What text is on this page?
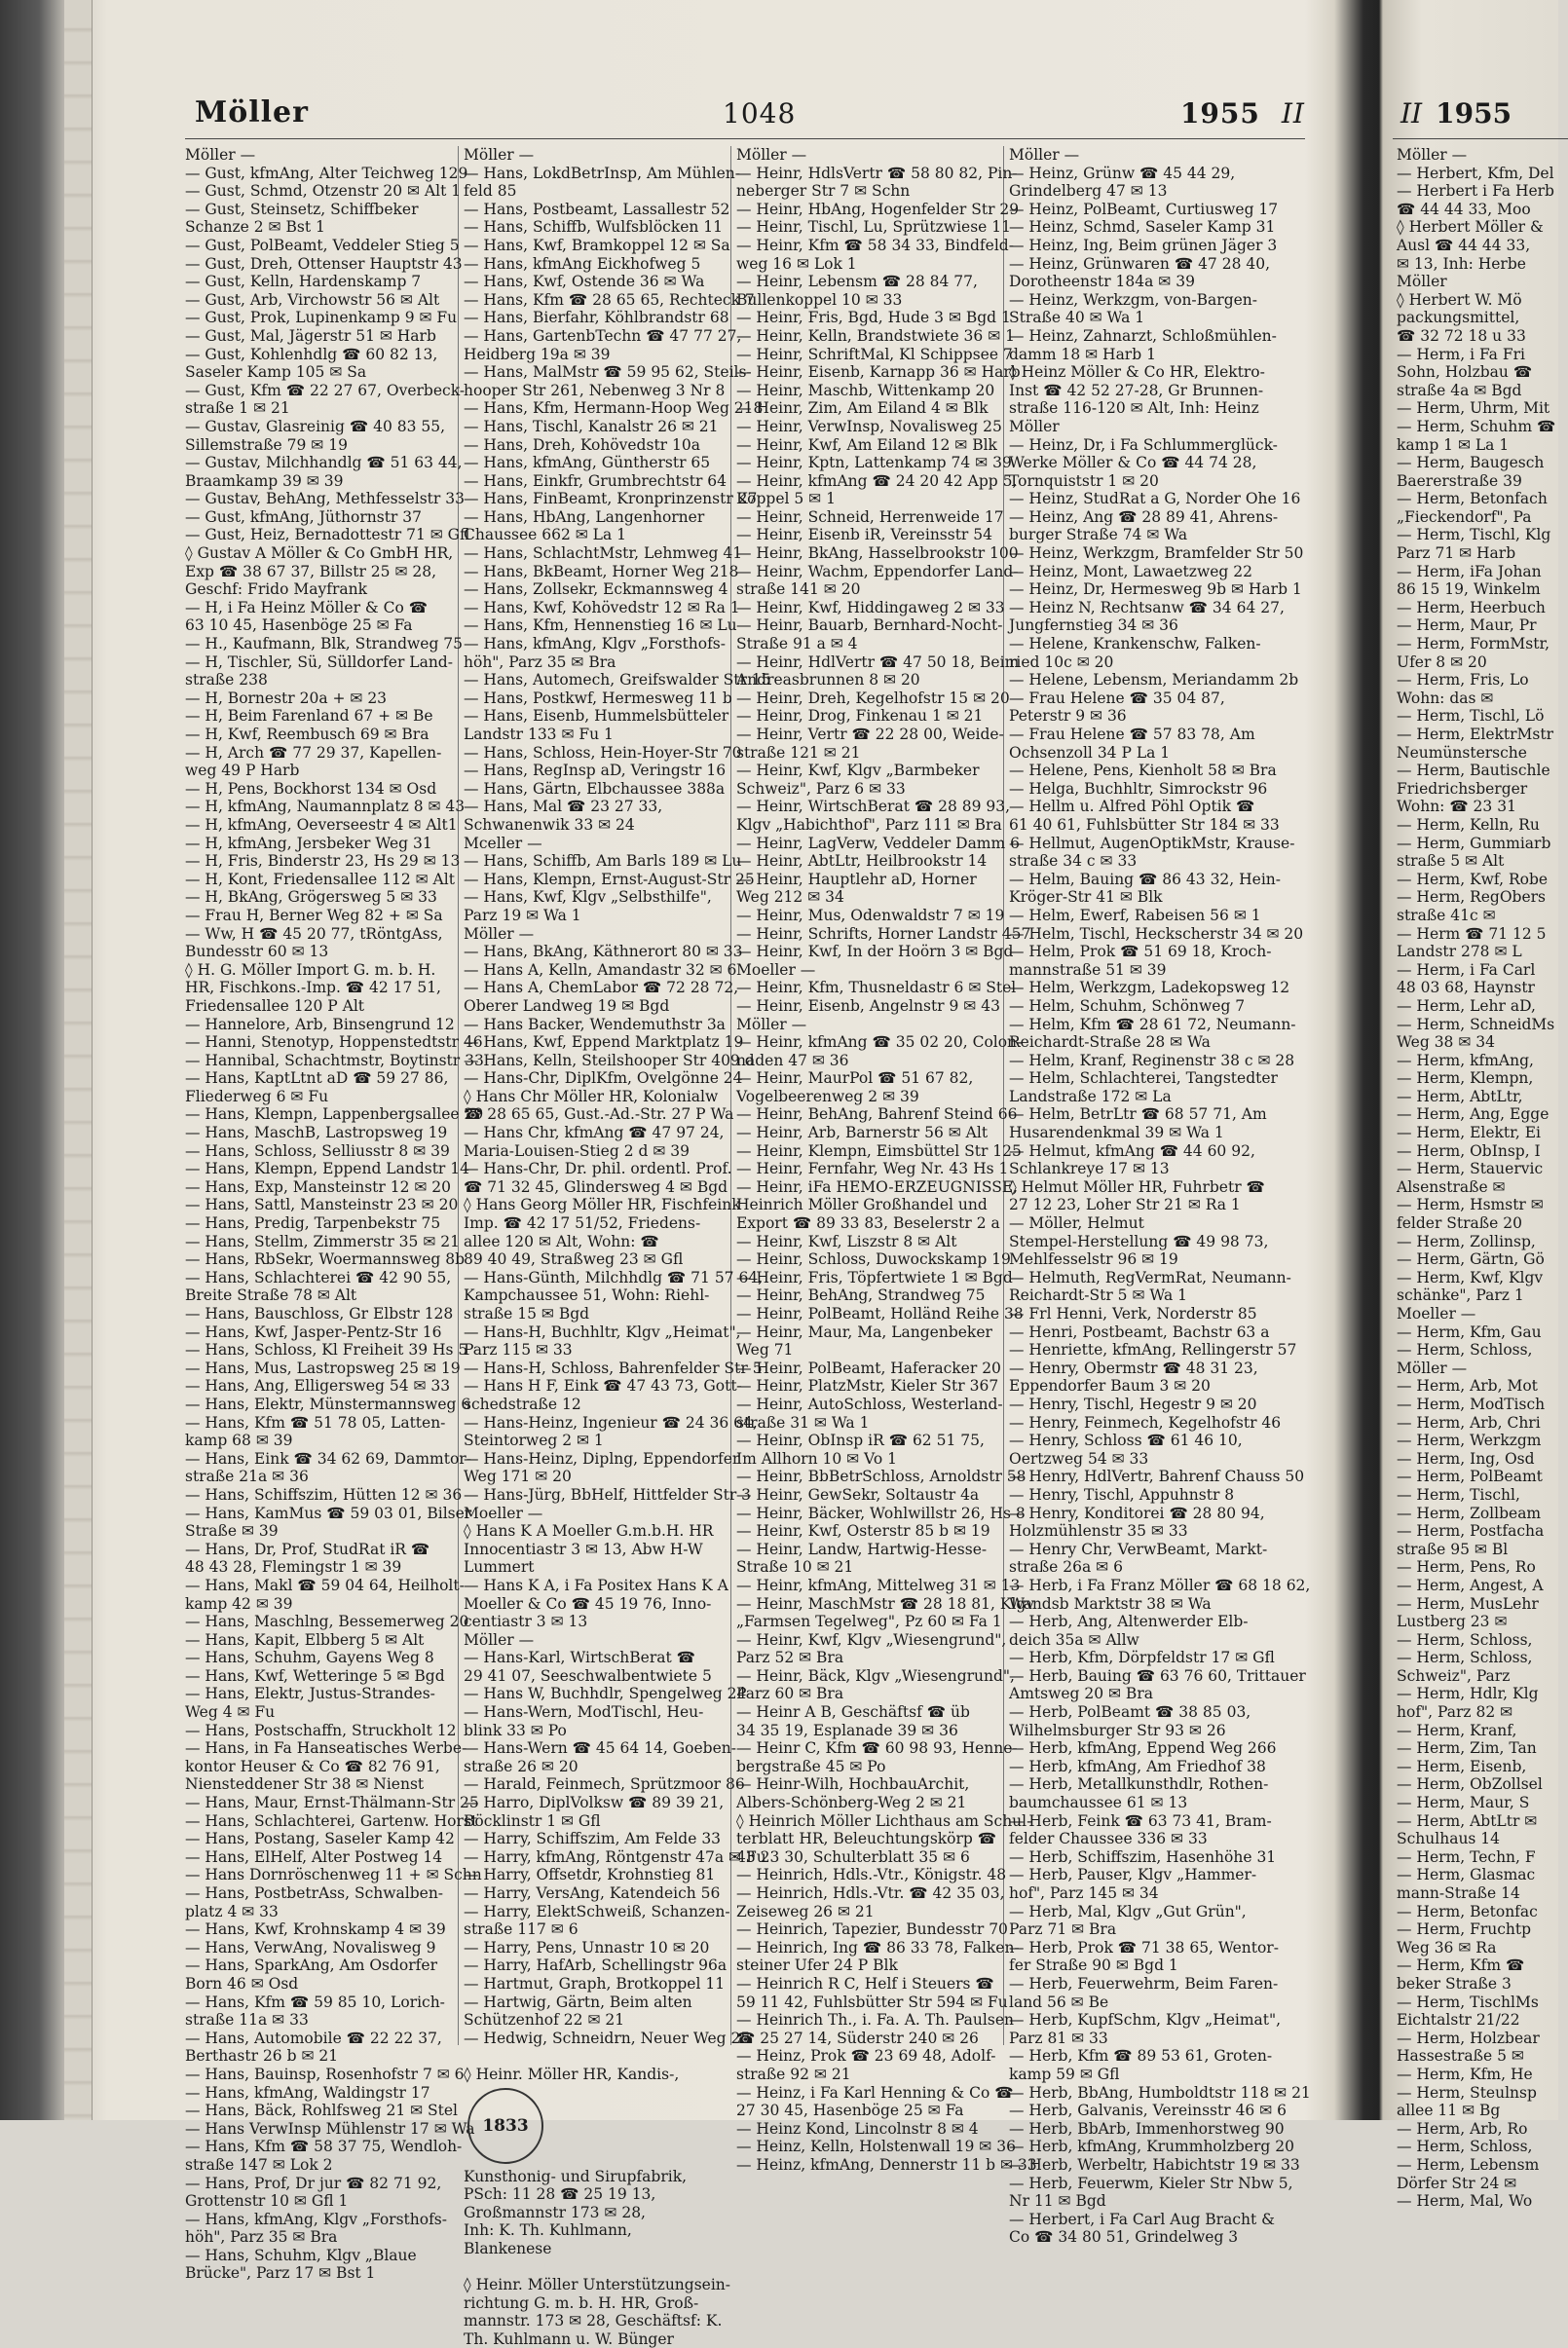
Möller	1048	1955 II
Möller —
— Gust, kfmAng, Alter Teichweg 129
— Gust, Schmd, Otzenstr 20 ✉ Alt 1
— Gust, Steinsetz, Schiffbeker
Schanze 2 ✉ Bst 1
— Gust, PolBeamt, Veddeler Stieg 5
— Gust, Dreh, Ottenser Hauptstr 43
— Gust, Kelln, Hardenskamp 7
— Gust, Arb, Virchowstr 56 ✉ Alt
— Gust, Prok, Lupinenkamp 9 ✉ Fu
— Gust, Mal, Jägerstr 51 ✉ Harb
— Gust, Kohlenhdlg ☎ 60 82 13,
Saseler Kamp 105 ✉ Sa
— Gust, Kfm ☎ 22 27 67, Overbeck-
straße 1 ✉ 21
— Gustav, Glasreinig ☎ 40 83 55,
Sillemstraße 79 ✉ 19
— Gustav, Milchhandlg ☎ 51 63 44,
Braamkamp 39 ✉ 39
— Gustav, BehAng, Methfesselstr 33
— Gust, kfmAng, Jüthornstr 37
— Gust, Heiz, Bernadottestr 71 ✉ Gfl
◊ Gustav A Möller & Co GmbH HR,
Exp ☎ 38 67 37, Billstr 25 ✉ 28,
Geschf: Frido Mayfrank
— H, i Fa Heinz Möller & Co ☎
63 10 45, Hasenböge 25 ✉ Fa
— H., Kaufmann, Blk, Strandweg 75
— H, Tischler, Sü, Sülldorfer Land-
straße 238
— H, Bornestr 20a + ✉ 23
— H, Beim Farenland 67 + ✉ Be
— H, Kwf, Reembusch 69 ✉ Bra
— H, Arch ☎ 77 29 37, Kapellen-
weg 49 P Harb
— H, Pens, Bockhorst 134 ✉ Osd
— H, kfmAng, Naumannplatz 8 ✉ 43
— H, kfmAng, Oeverseestr 4 ✉ Alt1
— H, kfmAng, Jersbeker Weg 31
— H, Fris, Binderstr 23, Hs 29 ✉ 13
— H, Kont, Friedensallee 112 ✉ Alt
— H, BkAng, Grögersweg 5 ✉ 33
— Frau H, Berner Weg 82 + ✉ Sa
— Ww, H ☎ 45 20 77, tRöntgAss,
Bundesstr 60 ✉ 13
◊ H. G. Möller Import G. m. b. H.
HR, Fischkons.-Imp. ☎ 42 17 51,
Friedensallee 120 P Alt
— Hannelore, Arb, Binsengrund 12
— Hanni, Stenotyp, Hoppenstedtstr 46
— Hannibal, Schachtmstr, Boytinstr 33
— Hans, KaptLtnt aD ☎ 59 27 86,
Fliederweg 6 ✉ Fu
— Hans, Klempn, Lappenbergsallee 29
— Hans, MaschB, Lastropsweg 19
— Hans, Schloss, Selliusstr 8 ✉ 39
— Hans, Klempn, Eppend Landstr 14
— Hans, Exp, Mansteinstr 12 ✉ 20
— Hans, Sattl, Mansteinstr 23 ✉ 20
— Hans, Predig, Tarpenbekstr 75
— Hans, Stellm, Zimmerstr 35 ✉ 21
— Hans, RbSekr, Woermannsweg 8b
— Hans, Schlachterei ☎ 42 90 55,
Breite Straße 78 ✉ Alt
— Hans, Bauschloss, Gr Elbstr 128
— Hans, Kwf, Jasper-Pentz-Str 16
— Hans, Schloss, Kl Freiheit 39 Hs 5
— Hans, Mus, Lastropsweg 25 ✉ 19
— Hans, Ang, Elligersweg 54 ✉ 33
— Hans, Elektr, Münstermannsweg 6
— Hans, Kfm ☎ 51 78 05, Latten-
kamp 68 ✉ 39
— Hans, Eink ☎ 34 62 69, Dammtor-
straße 21a ✉ 36
— Hans, Schiffszim, Hütten 12 ✉ 36
— Hans, KamMus ☎ 59 03 01, Bilser
Straße ✉ 39
— Hans, Dr, Prof, StudRat iR ☎
48 43 28, Flemingstr 1 ✉ 39
— Hans, Makl ☎ 59 04 64, Heilholt-
kamp 42 ✉ 39
— Hans, Maschlng, Bessemerweg 20
— Hans, Kapit, Elbberg 5 ✉ Alt
— Hans, Schuhm, Gayens Weg 8
— Hans, Kwf, Wetteringe 5 ✉ Bgd
— Hans, Elektr, Justus-Strandes-
Weg 4 ✉ Fu
— Hans, Postschaffn, Struckholt 12
— Hans, in Fa Hanseatisches Werbe-
kontor Heuser & Co ☎ 82 76 91,
Niensteddener Str 38 ✉ Nienst
— Hans, Maur, Ernst-Thälmann-Str 25
— Hans, Schlachterei, Gartenw. Horst
— Hans, Postang, Saseler Kamp 42
— Hans, ElHelf, Alter Postweg 14
— Hans Dornröschenweg 11 + ✉ Schn
— Hans, PostbetrAss, Schwalben-
platz 4 ✉ 33
— Hans, Kwf, Krohnskamp 4 ✉ 39
— Hans, VerwAng, Novalisweg 9
— Hans, SparkAng, Am Osdorfer
Born 46 ✉ Osd
— Hans, Kfm ☎ 59 85 10, Lorich-
straße 11a ✉ 33
— Hans, Automobile ☎ 22 22 37,
Berthastr 26 b ✉ 21
— Hans, Bauinsp, Rosenhofstr 7 ✉ 6
— Hans, kfmAng, Waldingstr 17
— Hans, Bäck, Rohlfsweg 21 ✉ Stel
— Hans VerwInsp Mühlenstr 17 ✉ Wa
— Hans, Kfm ☎ 58 37 75, Wendloh-
straße 147 ✉ Lok 2
— Hans, Prof, Dr jur ☎ 82 71 92,
Grottenstr 10 ✉ Gfl 1
— Hans, kfmAng, Klgv „Forsthofs-
höh", Parz 35 ✉ Bra
— Hans, Schuhm, Klgv „Blaue
Brücke", Parz 17 ✉ Bst 1
Möller —
— Hans, LokdBetrInsp, Am Mühlen-
feld 85
— Hans, Postbeamt, Lassallestr 52
— Hans, Schiffb, Wulfsblöcken 11
— Hans, Kwf, Bramkoppel 12 ✉ Sa
— Hans, kfmAng Eickhofweg 5
— Hans, Kwf, Ostende 36 ✉ Wa
— Hans, Kfm ☎ 28 65 65, Rechteck 7
— Hans, Bierfahr, Köhlbrandstr 68
— Hans, GartenbTechn ☎ 47 77 27,
Heidberg 19a ✉ 39
— Hans, MalMstr ☎ 59 95 62, Steils-
hooper Str 261, Nebenweg 3 Nr 8
— Hans, Kfm, Hermann-Hoop Weg 218
— Hans, Tischl, Kanalstr 26 ✉ 21
— Hans, Dreh, Kohövedstr 10a
— Hans, kfmAng, Güntherstr 65
— Hans, Einkfr, Grumbrechtstr 64
— Hans, FinBeamt, Kronprinzenstr 27
— Hans, HbAng, Langenhorner
Chaussee 662 ✉ La 1
— Hans, SchlachtMstr, Lehmweg 41
— Hans, BkBeamt, Horner Weg 218
— Hans, Zollsekr, Eckmannsweg 4
— Hans, Kwf, Kohövedstr 12 ✉ Ra 1
— Hans, Kfm, Hennenstieg 16 ✉ Lu
— Hans, kfmAng, Klgv „Forsthofs-
höh", Parz 35 ✉ Bra
— Hans, Automech, Greifswalder Str 15
— Hans, Postkwf, Hermesweg 11 b
— Hans, Eisenb, Hummelsbütteler
Landstr 133 ✉ Fu 1
— Hans, Schloss, Hein-Hoyer-Str 70
— Hans, RegInsp aD, Veringstr 16
— Hans, Gärtn, Elbchaussee 388a
— Hans, Mal ☎ 23 27 33,
Schwanenwik 33 ✉ 24
Mceller —
— Hans, Schiffb, Am Barls 189 ✉ Lu
— Hans, Klempn, Ernst-August-Str 25
— Hans, Kwf, Klgv „Selbsthilfe",
Parz 19 ✉ Wa 1
Möller —
— Hans, BkAng, Käthnerort 80 ✉ 33
— Hans A, Kelln, Amandastr 32 ✉ 6
— Hans A, ChemLabor ☎ 72 28 72,
Oberer Landweg 19 ✉ Bgd
— Hans Backer, Wendemuthstr 3a
— Hans, Kwf, Eppend Marktplatz 19
— Hans, Kelln, Steilshooper Str 409 d
— Hans-Chr, DiplKfm, Ovelgönne 24
◊ Hans Chr Möller HR, Kolonialw
☎ 28 65 65, Gust.-Ad.-Str. 27 P Wa
— Hans Chr, kfmAng ☎ 47 97 24,
Maria-Louisen-Stieg 2 d ✉ 39
— Hans-Chr, Dr. phil. ordentl. Prof.
☎ 71 32 45, Glindersweg 4 ✉ Bgd
◊ Hans Georg Möller HR, Fischfeink
Imp. ☎ 42 17 51/52, Friedens-
allee 120 ✉ Alt, Wohn: ☎
89 40 49, Straßweg 23 ✉ Gfl
— Hans-Günth, Milchhdlg ☎ 71 57 64,
Kampchaussee 51, Wohn: Riehl-
straße 15 ✉ Bgd
— Hans-H, Buchhltr, Klgv „Heimat",
Parz 115 ✉ 33
— Hans-H, Schloss, Bahrenfelder Str 5
— Hans H F, Eink ☎ 47 43 73, Gott-
schedstraße 12
— Hans-Heinz, Ingenieur ☎ 24 36 64,
Steintorweg 2 ✉ 1
— Hans-Heinz, Diplng, Eppendorfer
Weg 171 ✉ 20
— Hans-Jürg, BbHelf, Hittfelder Str 3
Moeller —
◊ Hans K A Moeller G.m.b.H. HR
Innocentiastr 3 ✉ 13, Abw H-W
Lummert
— Hans K A, i Fa Positex Hans K A
Moeller & Co ☎ 45 19 76, Inno-
centiastr 3 ✉ 13
Möller —
— Hans-Karl, WirtschBerat ☎
29 41 07, Seeschwalbentwiete 5
— Hans W, Buchhdlr, Spengelweg 24
— Hans-Wern, ModTischl, Heu-
blink 33 ✉ Po
— Hans-Wern ☎ 45 64 14, Goeben-
straße 26 ✉ 20
— Harald, Feinmech, Sprützmoor 86
— Harro, DiplVolksw ☎ 89 39 21,
Böcklinstr 1 ✉ Gfl
— Harry, Schiffszim, Am Felde 33
— Harry, kfmAng, Röntgenstr 47a ✉ Fu
— Harry, Offsetdr, Krohnstieg 81
— Harry, VersAng, Katendeich 56
— Harry, ElektSchweiß, Schanzen-
straße 117 ✉ 6
— Harry, Pens, Unnastr 10 ✉ 20
— Harry, HafArb, Schellingstr 96a
— Hartmut, Graph, Brotkoppel 11
— Hartwig, Gärtn, Beim alten
Schützenhof 22 ✉ 21
— Hedwig, Schneidrn, Neuer Weg 25

◊ Heinr. Möller HR, Kandis-,
1833
Kunsthonig- und Sirupfabrik,
PSch: 11 28 ☎ 25 19 13,
Großmannstr 173 ✉ 28,
Inh: K. Th. Kuhlmann,
Blankenese

◊ Heinr. Möller Unterstützungsein-
richtung G. m. b. H. HR, Groß-
mannstr. 173 ✉ 28, Geschäftsf: K.
Th. Kuhlmann u. W. Bünger
Möller —
— Heinr, HdlsVertr ☎ 58 80 82, Pin-
neberger Str 7 ✉ Schn
— Heinr, HbAng, Hogenfelder Str 29
— Heinr, Tischl, Lu, Sprützwiese 11
— Heinr, Kfm ☎ 58 34 33, Bindfeld-
weg 16 ✉ Lok 1
— Heinr, Lebensm ☎ 28 84 77,
Bullenkoppel 10 ✉ 33
— Heinr, Fris, Bgd, Hude 3 ✉ Bgd 1
— Heinr, Kelln, Brandstwiete 36 ✉ 1
— Heinr, SchriftMal, Kl Schippsee 7
— Heinr, Eisenb, Karnapp 36 ✉ Harb
— Heinr, Maschb, Wittenkamp 20
— Heinr, Zim, Am Eiland 4 ✉ Blk
— Heinr, VerwInsp, Novalisweg 25
— Heinr, Kwf, Am Eiland 12 ✉ Blk
— Heinr, Kptn, Lattenkamp 74 ✉ 39
— Heinr, kfmAng ☎ 24 20 42 App 5,
Koppel 5 ✉ 1
— Heinr, Schneid, Herrenweide 17
— Heinr, Eisenb iR, Vereinsstr 54
— Heinr, BkAng, Hasselbrookstr 100
— Heinr, Wachm, Eppendorfer Land-
straße 141 ✉ 20
— Heinr, Kwf, Hiddingaweg 2 ✉ 33
— Heinr, Bauarb, Bernhard-Nocht-
Straße 91 a ✉ 4
— Heinr, HdlVertr ☎ 47 50 18, Beim
Andreasbrunnen 8 ✉ 20
— Heinr, Dreh, Kegelhofstr 15 ✉ 20
— Heinr, Drog, Finkenau 1 ✉ 21
— Heinr, Vertr ☎ 22 28 00, Weide-
straße 121 ✉ 21
— Heinr, Kwf, Klgv „Barmbeker
Schweiz", Parz 6 ✉ 33
— Heinr, WirtschBerat ☎ 28 89 93,
Klgv „Habichthof", Parz 111 ✉ Bra
— Heinr, LagVerw, Veddeler Damm 6
— Heinr, AbtLtr, Heilbrookstr 14
— Heinr, Hauptlehr aD, Horner
Weg 212 ✉ 34
— Heinr, Mus, Odenwaldstr 7 ✉ 19
— Heinr, Schrifts, Horner Landstr 457
— Heinr, Kwf, In der Hoörn 3 ✉ Bgd
Moeller —
— Heinr, Kfm, Thusneldastr 6 ✉ Stel
— Heinr, Eisenb, Angelnstr 9 ✉ 43
Möller —
— Heinr, kfmAng ☎ 35 02 20, Colon-
naden 47 ✉ 36
— Heinr, MaurPol ☎ 51 67 82,
Vogelbeerenweg 2 ✉ 39
— Heinr, BehAng, Bahrenf Steind 66
— Heinr, Arb, Barnerstr 56 ✉ Alt
— Heinr, Klempn, Eimsbüttel Str 125
— Heinr, Fernfahr, Weg Nr. 43 Hs 1
— Heinr, iFa HEMO-ERZEUGNISSE,
Heinrich Möller Großhandel und
Export ☎ 89 33 83, Beselerstr 2 a
— Heinr, Kwf, Liszstr 8 ✉ Alt
— Heinr, Schloss, Duwockskamp 19
— Heinr, Fris, Töpfertwiete 1 ✉ Bgd
— Heinr, BehAng, Strandweg 75
— Heinr, PolBeamt, Holländ Reihe 38
— Heinr, Maur, Ma, Langenbeker
Weg 71
— Heinr, PolBeamt, Haferacker 20
— Heinr, PlatzMstr, Kieler Str 367
— Heinr, AutoSchloss, Westerland-
straße 31 ✉ Wa 1
— Heinr, ObInsp iR ☎ 62 51 75,
Im Allhorn 10 ✉ Vo 1
— Heinr, BbBetrSchloss, Arnoldstr 58
— Heinr, GewSekr, Soltaustr 4a
— Heinr, Bäcker, Wohlwillstr 26, Hs 8
— Heinr, Kwf, Osterstr 85 b ✉ 19
— Heinr, Landw, Hartwig-Hesse-
Straße 10 ✉ 21
— Heinr, kfmAng, Mittelweg 31 ✉ 13
— Heinr, MaschMstr ☎ 28 18 81, Klgv
„Farmsen Tegelweg", Pz 60 ✉ Fa 1
— Heinr, Kwf, Klgv „Wiesengrund",
Parz 52 ✉ Bra
— Heinr, Bäck, Klgv „Wiesengrund",
Parz 60 ✉ Bra
— Heinr A B, Geschäftsf ☎ üb
34 35 19, Esplanade 39 ✉ 36
— Heinr C, Kfm ☎ 60 98 93, Henne-
bergstraße 45 ✉ Po
— Heinr-Wilh, HochbauArchit,
Albers-Schönberg-Weg 2 ✉ 21
◊ Heinrich Möller Lichthaus am Schul-
terblatt HR, Beleuchtungskörp ☎
43 23 30, Schulterblatt 35 ✉ 6
— Heinrich, Hdls.-Vtr., Königstr. 48
— Heinrich, Hdls.-Vtr. ☎ 42 35 03,
Zeiseweg 26 ✉ 21
— Heinrich, Tapezier, Bundesstr 70
— Heinrich, Ing ☎ 86 33 78, Falken-
steiner Ufer 24 P Blk
— Heinrich R C, Helf i Steuers ☎
59 11 42, Fuhlsbütter Str 594 ✉ Fu
— Heinrich Th., i. Fa. A. Th. Paulsen
☎ 25 27 14, Süderstr 240 ✉ 26
— Heinz, Prok ☎ 23 69 48, Adolf-
straße 92 ✉ 21
— Heinz, i Fa Karl Henning & Co ☎
27 30 45, Hasenböge 25 ✉ Fa
— Heinz Kond, Lincolnstr 8 ✉ 4
— Heinz, Kelln, Holstenwall 19 ✉ 36
— Heinz, kfmAng, Dennerstr 11 b ✉ 33
Möller —
— Heinz, Grünw ☎ 45 44 29,
Grindelberg 47 ✉ 13
— Heinz, PolBeamt, Curtiusweg 17
— Heinz, Schmd, Saseler Kamp 31
— Heinz, Ing, Beim grünen Jäger 3
— Heinz, Grünwaren ☎ 47 28 40,
Dorotheenstr 184a ✉ 39
— Heinz, Werkzgm, von-Bargen-
Straße 40 ✉ Wa 1
— Heinz, Zahnarzt, Schloßmühlen-
damm 18 ✉ Harb 1
◊ Heinz Möller & Co HR, Elektro-
Inst ☎ 42 52 27-28, Gr Brunnen-
straße 116-120 ✉ Alt, Inh: Heinz
Möller
— Heinz, Dr, i Fa Schlummerglück-
Werke Möller & Co ☎ 44 74 28,
Tornquiststr 1 ✉ 20
— Heinz, StudRat a G, Norder Ohe 16
— Heinz, Ang ☎ 28 89 41, Ahrens-
burger Straße 74 ✉ Wa
— Heinz, Werkzgm, Bramfelder Str 50
— Heinz, Mont, Lawaetzweg 22
— Heinz, Dr, Hermesweg 9b ✉ Harb 1
— Heinz N, Rechtsanw ☎ 34 64 27,
Jungfernstieg 34 ✉ 36
— Helene, Krankenschw, Falken-
ried 10c ✉ 20
— Helene, Lebensm, Meriandamm 2b
— Frau Helene ☎ 35 04 87,
Peterstr 9 ✉ 36
— Frau Helene ☎ 57 83 78, Am
Ochsenzoll 34 P La 1
— Helene, Pens, Kienholt 58 ✉ Bra
— Helga, Buchhltr, Simrockstr 96
— Hellm u. Alfred Pöhl Optik ☎
61 40 61, Fuhlsbütter Str 184 ✉ 33
— Hellmut, AugenOptikMstr, Krause-
straße 34 c ✉ 33
— Helm, Bauing ☎ 86 43 32, Hein-
Kröger-Str 41 ✉ Blk
— Helm, Ewerf, Rabeisen 56 ✉ 1
— Helm, Tischl, Heckscherstr 34 ✉ 20
— Helm, Prok ☎ 51 69 18, Kroch-
mannstraße 51 ✉ 39
— Helm, Werkzgm, Ladekopsweg 12
— Helm, Schuhm, Schönweg 7
— Helm, Kfm ☎ 28 61 72, Neumann-
Reichardt-Straße 28 ✉ Wa
— Helm, Kranf, Reginenstr 38 c ✉ 28
— Helm, Schlachterei, Tangstedter
Landstraße 172 ✉ La
— Helm, BetrLtr ☎ 68 57 71, Am
Husarendenkmal 39 ✉ Wa 1
— Helmut, kfmAng ☎ 44 60 92,
Schlankreye 17 ✉ 13
◊ Helmut Möller HR, Fuhrbetr ☎
27 12 23, Loher Str 21 ✉ Ra 1
— Möller, Helmut
Stempel-Herstellung ☎ 49 98 73,
Mehlfesselstr 96 ✉ 19
— Helmuth, RegVermRat, Neumann-
Reichardt-Str 5 ✉ Wa 1
— Frl Henni, Verk, Norderstr 85
— Henri, Postbeamt, Bachstr 63 a
— Henriette, kfmAng, Rellingerstr 57
— Henry, Obermstr ☎ 48 31 23,
Eppendorfer Baum 3 ✉ 20
— Henry, Tischl, Hegestr 9 ✉ 20
— Henry, Feinmech, Kegelhofstr 46
— Henry, Schloss ☎ 61 46 10,
Oertzweg 54 ✉ 33
— Henry, HdlVertr, Bahrenf Chauss 50
— Henry, Tischl, Appuhnstr 8
— Henry, Konditorei ☎ 28 80 94,
Holzmühlenstr 35 ✉ 33
— Henry Chr, VerwBeamt, Markt-
straße 26a ✉ 6
— Herb, i Fa Franz Möller ☎ 68 18 62,
Wandsb Marktstr 38 ✉ Wa
— Herb, Ang, Altenwerder Elb-
deich 35a ✉ Allw
— Herb, Kfm, Dörpfeldstr 17 ✉ Gfl
— Herb, Bauing ☎ 63 76 60, Trittauer
Amtsweg 20 ✉ Bra
— Herb, PolBeamt ☎ 38 85 03,
Wilhelmsburger Str 93 ✉ 26
— Herb, kfmAng, Eppend Weg 266
— Herb, kfmAng, Am Friedhof 38
— Herb, Metallkunsthdlr, Rothen-
baumchaussee 61 ✉ 13
— Herb, Feink ☎ 63 73 41, Bram-
felder Chaussee 336 ✉ 33
— Herb, Schiffszim, Hasenhöhe 31
— Herb, Pauser, Klgv „Hammer-
hof", Parz 145 ✉ 34
— Herb, Mal, Klgv „Gut Grün",
Parz 71 ✉ Bra
— Herb, Prok ☎ 71 38 65, Wentor-
fer Straße 90 ✉ Bgd 1
— Herb, Feuerwehrm, Beim Faren-
land 56 ✉ Be
— Herb, KupfSchm, Klgv „Heimat",
Parz 81 ✉ 33
— Herb, Kfm ☎ 89 53 61, Groten-
kamp 59 ✉ Gfl
— Herb, BbAng, Humboldtstr 118 ✉ 21
— Herb, Galvanis, Vereinsstr 46 ✉ 6
— Herb, BbArb, Immenhorstweg 90
— Herb, kfmAng, Krummholzberg 20
— Herb, Werbeltr, Habichtstr 19 ✉ 33
— Herb, Feuerwm, Kieler Str Nbw 5,
Nr 11 ✉ Bgd
— Herbert, i Fa Carl Aug Bracht &
Co ☎ 34 80 51, Grindelweg 3
II 1955
Möller —
— Herbert, Kfm, Del
— Herbert i Fa Herb
☎ 44 44 33, Moo
◊ Herbert Möller &
Ausl ☎ 44 44 33,
✉ 13, Inh: Herbe
Möller
◊ Herbert W. Mö
packungsmittel,
☎ 32 72 18 u 33
— Herm, i Fa Fri
Sohn, Holzbau ☎
straße 4a ✉ Bgd
— Herm, Uhrm, Mit
— Herm, Schuhm ☎
kamp 1 ✉ La 1
— Herm, Baugesch
Baererstraße 39
— Herm, Betonfach
„Fieckendorf", Pa
— Herm, Tischl, Klg
Parz 71 ✉ Harb
— Herm, iFa Johan
86 15 19, Winkelm
— Herm, Heerbuch
— Herm, Maur, Pr
— Herm, FormMstr,
Ufer 8 ✉ 20
— Herm, Fris, Lo
Wohn: das ✉
— Herm, Tischl, Lö
— Herm, ElektrMstr
Neumünstersche
— Herm, Bautischle
Friedrichsberger
Wohn: ☎ 23 31
— Herm, Kelln, Ru
— Herm, Gummiarb
straße 5 ✉ Alt
— Herm, Kwf, Robe
— Herm, RegObers
straße 41c ✉
— Herm ☎ 71 12 5
Landstr 278 ✉ L
— Herm, i Fa Carl
48 03 68, Haynstr
— Herm, Lehr aD,
— Herm, SchneidMs
Weg 38 ✉ 34
— Herm, kfmAng,
— Herm, Klempn,
— Herm, AbtLtr,
— Herm, Ang, Egge
— Herm, Elektr, Ei
— Herm, ObInsp, I
— Herm, Stauervic
Alsenstraße ✉
— Herm, Hsmstr ✉
felder Straße 20
— Herm, Zollinsp,
— Herm, Gärtn, Gö
— Herm, Kwf, Klgv
schänke", Parz 1
Moeller —
— Herm, Kfm, Gau
— Herm, Schloss,
Möller —
— Herm, Arb, Mot
— Herm, ModTisch
— Herm, Arb, Chri
— Herm, Werkzgm
— Herm, Ing, Osd
— Herm, PolBeamt
— Herm, Tischl,
— Herm, Zollbeam
— Herm, Postfacha
straße 95 ✉ Bl
— Herm, Pens, Ro
— Herm, Angest, A
— Herm, MusLehr
Lustberg 23 ✉
— Herm, Schloss,
— Herm, Schloss,
Schweiz", Parz
— Herm, Hdlr, Klg
hof", Parz 82 ✉
— Herm, Kranf,
— Herm, Zim, Tan
— Herm, Eisenb,
— Herm, ObZollsel
— Herm, Maur, S
— Herm, AbtLtr ✉
Schulhaus 14
— Herm, Techn, F
— Herm, Glasmac
mann-Straße 14
— Herm, Betonfac
— Herm, Fruchtp
Weg 36 ✉ Ra
— Herm, Kfm ☎
beker Straße 3
— Herm, TischlMs
Eichtalstr 21/22
— Herm, Holzbear
Hassestraße 5 ✉
— Herm, Kfm, He
— Herm, Steulnsp
allee 11 ✉ Bg
— Herm, Arb, Ro
— Herm, Schloss,
— Herm, Lebensm
Dörfer Str 24 ✉
— Herm, Mal, Wo
